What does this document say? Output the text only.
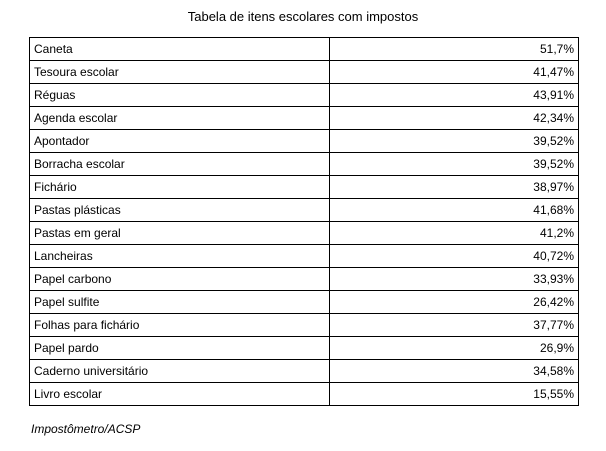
Tabela de itens escolares com impostos
Caneta	51,7%
Tesoura escolar	41,47%
Réguas	43,91%
Agenda escolar	42,34%
Apontador	39,52%
Borracha escolar	39,52%
Fichário	38,97%
Pastas plásticas	41,68%
Pastas em geral	41,2%
Lancheiras	40,72%
Papel carbono	33,93%
Papel sulfite	26,42%
Folhas para fichário	37,77%
Papel pardo	26,9%
Caderno universitário	34,58%
Livro escolar	15,55%
Impostômetro/ACSP
